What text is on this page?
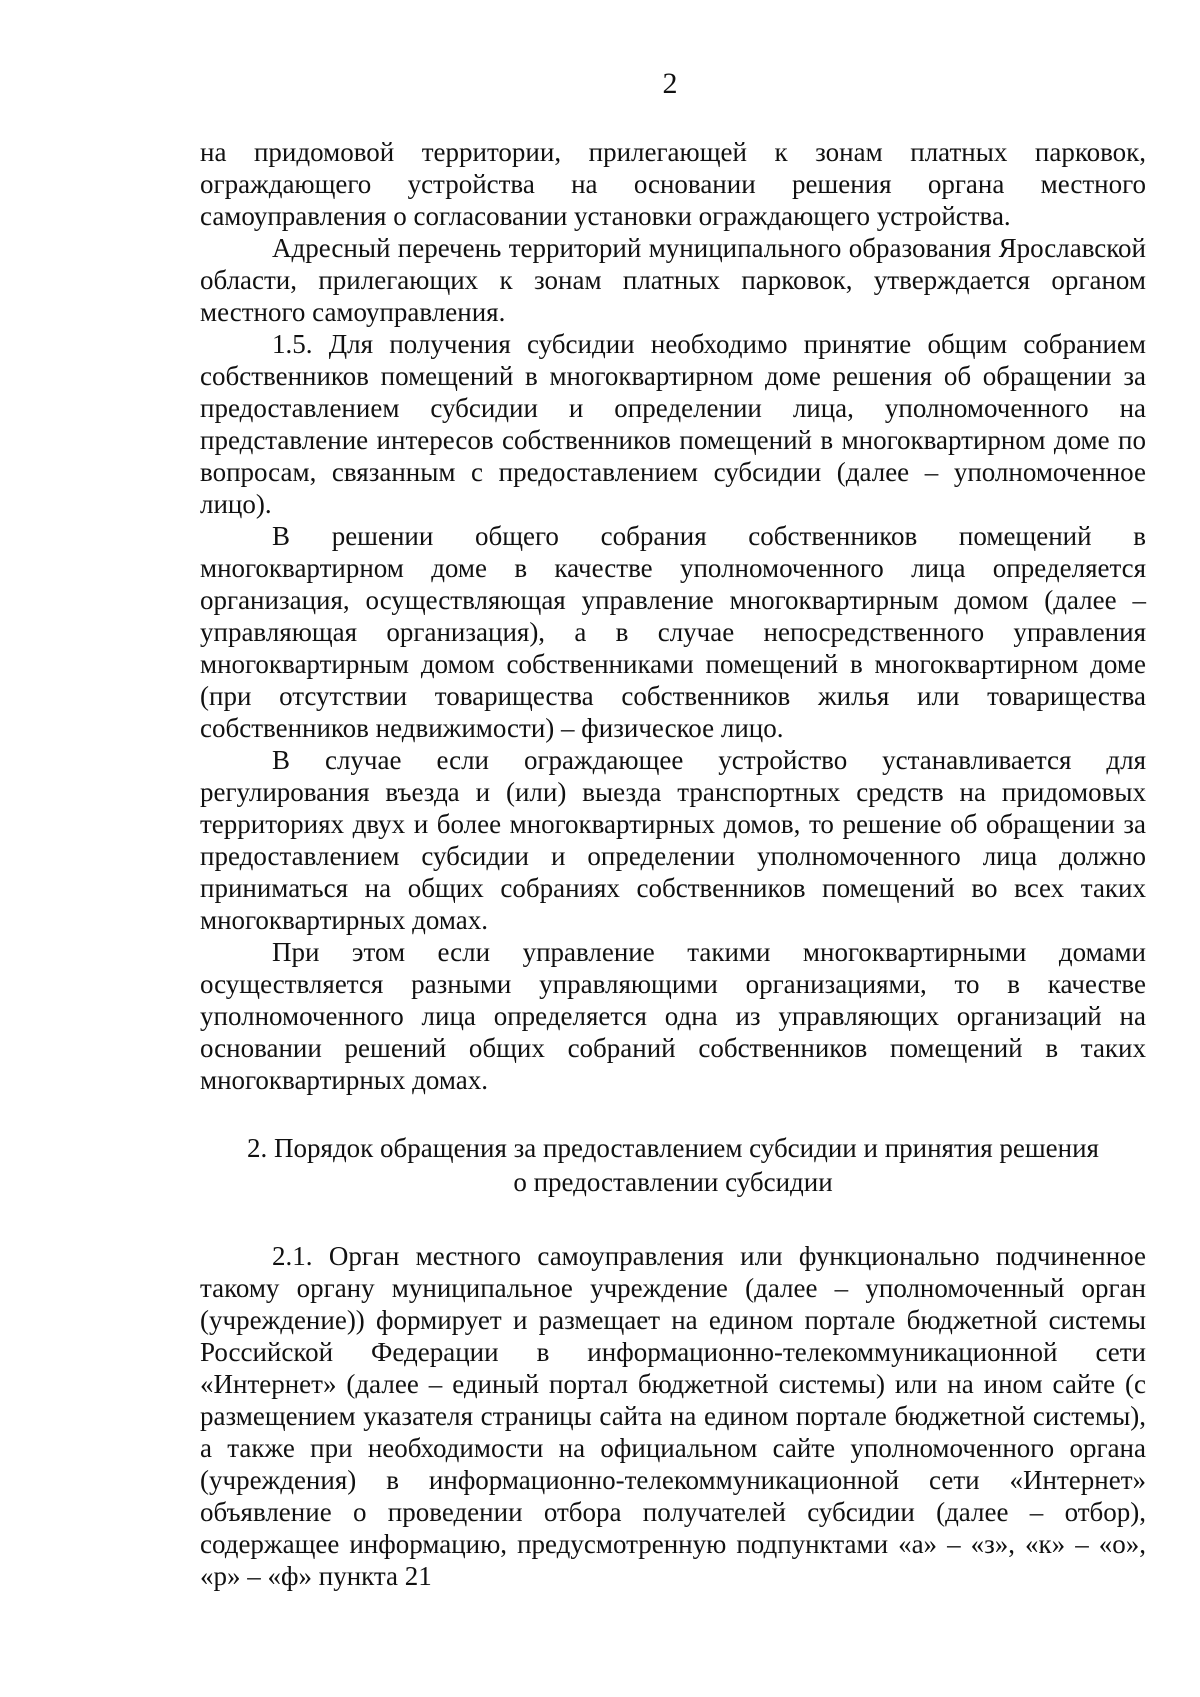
2

на придомовой территории, прилегающей к зонам платных парковок, ограждающего устройства на основании решения органа местного самоуправления о согласовании установки ограждающего устройства.

Адресный перечень территорий муниципального образования Ярославской области, прилегающих к зонам платных парковок, утверждается органом местного самоуправления.

1.5. Для получения субсидии необходимо принятие общим собранием собственников помещений в многоквартирном доме решения об обращении за предоставлением субсидии и определении лица, уполномоченного на представление интересов собственников помещений в многоквартирном доме по вопросам, связанным с предоставлением субсидии (далее – уполномоченное лицо).

В решении общего собрания собственников помещений в многоквартирном доме в качестве уполномоченного лица определяется организация, осуществляющая управление многоквартирным домом (далее – управляющая организация), а в случае непосредственного управления многоквартирным домом собственниками помещений в многоквартирном доме (при отсутствии товарищества собственников жилья или товарищества собственников недвижимости) – физическое лицо.

В случае если ограждающее устройство устанавливается для регулирования въезда и (или) выезда транспортных средств на придомовых территориях двух и более многоквартирных домов, то решение об обращении за предоставлением субсидии и определении уполномоченного лица должно приниматься на общих собраниях собственников помещений во всех таких многоквартирных домах.

При этом если управление такими многоквартирными домами осуществляется разными управляющими организациями, то в качестве уполномоченного лица определяется одна из управляющих организаций на основании решений общих собраний собственников помещений в таких многоквартирных домах.

2. Порядок обращения за предоставлением субсидии и принятия решения

о предоставлении субсидии

2.1. Орган местного самоуправления или функционально подчиненное такому органу муниципальное учреждение (далее – уполномоченный орган (учреждение)) формирует и размещает на едином портале бюджетной системы Российской Федерации в информационно-телекоммуникационной сети «Интернет» (далее – единый портал бюджетной системы) или на ином сайте (с размещением указателя страницы сайта на едином портале бюджетной системы), а также при необходимости на официальном сайте уполномоченного органа (учреждения) в информационно-телекоммуникационной сети «Интернет» объявление о проведении отбора получателей субсидии (далее – отбор), содержащее информацию, предусмотренную подпунктами «а» – «з», «к» – «о», «р» – «ф» пункта 21
